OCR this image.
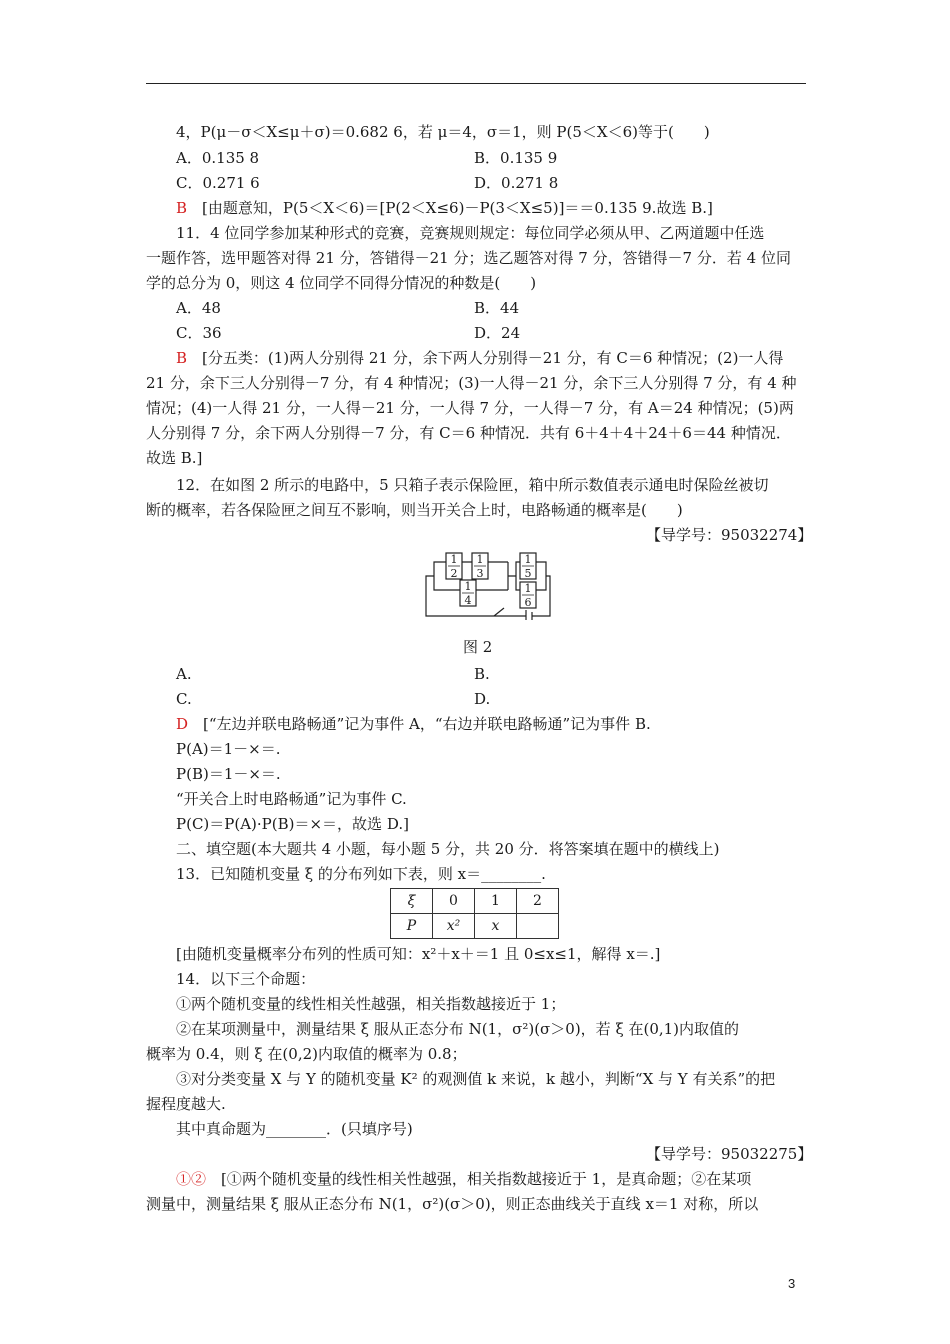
4，P(μ－σ＜X≤μ＋σ)＝0.682 6，若 μ＝4，σ＝1，则 P(5＜X＜6)等于(　　)
A．0.135 8	B．0.135 9
C．0.271 6	D．0.271 8
B　 [由题意知，P(5＜X＜6)＝[P(2＜X≤6)－P(3＜X≤5)]＝＝0.135 9.故选 B.]
11．4 位同学参加某种形式的竞赛，竞赛规则规定：每位同学必须从甲、乙两道题中任选
一题作答，选甲题答对得 21 分，答错得－21 分；选乙题答对得 7 分，答错得－7 分．若 4 位同
学的总分为 0，则这 4 位同学不同得分情况的种数是(　　)
A．48	B．44
C．36	D．24
B　 [分五类：(1)两人分别得 21 分，余下两人分别得－21 分，有 C＝6 种情况；(2)一人得
21 分，余下三人分别得－7 分，有 4 种情况；(3)一人得－21 分，余下三人分别得 7 分，有 4 种
情况；(4)一人得 21 分，一人得－21 分，一人得 7 分，一人得－7 分，有 A＝24 种情况；(5)两
人分别得 7 分，余下两人分别得－7 分，有 C＝6 种情况．共有 6＋4＋4＋24＋6＝44 种情况．
故选 B.]
12．在如图 2 所示的电路中，5 只箱子表示保险匣，箱中所示数值表示通电时保险丝被切
断的概率，若各保险匣之间互不影响，则当开关合上时，电路畅通的概率是(　　)
【导学号：95032274】
1
2
1
3
1
4
1
5
1
6
图 2
A.	B.
C.	D.
D　 [“左边并联电路畅通”记为事件 A，“右边并联电路畅通”记为事件 B.
P(A)＝1－×＝.
P(B)＝1－×＝.
“开关合上时电路畅通”记为事件 C.
P(C)＝P(A)·P(B)＝×＝，故选 D.]
二、填空题(本大题共 4 小题，每小题 5 分，共 20 分．将答案填在题中的横线上)
13．已知随机变量 ξ 的分布列如下表，则 x＝________.
ξ	0	1	2
P	x²	x	
[由随机变量概率分布列的性质可知：x²＋x＋＝1 且 0≤x≤1，解得 x＝.]
14．以下三个命题：
①两个随机变量的线性相关性越强，相关指数越接近于 1；
②在某项测量中，测量结果 ξ 服从正态分布 N(1，σ²)(σ＞0)，若 ξ 在(0,1)内取值的
概率为 0.4，则 ξ 在(0,2)内取值的概率为 0.8；
③对分类变量 X 与 Y 的随机变量 K² 的观测值 k 来说，k 越小，判断“X 与 Y 有关系”的把
握程度越大.
其中真命题为________．(只填序号)
【导学号：95032275】
①②　 [①两个随机变量的线性相关性越强，相关指数越接近于 1，是真命题；②在某项
测量中，测量结果 ξ 服从正态分布 N(1，σ²)(σ＞0)，则正态曲线关于直线 x＝1 对称，所以
3
